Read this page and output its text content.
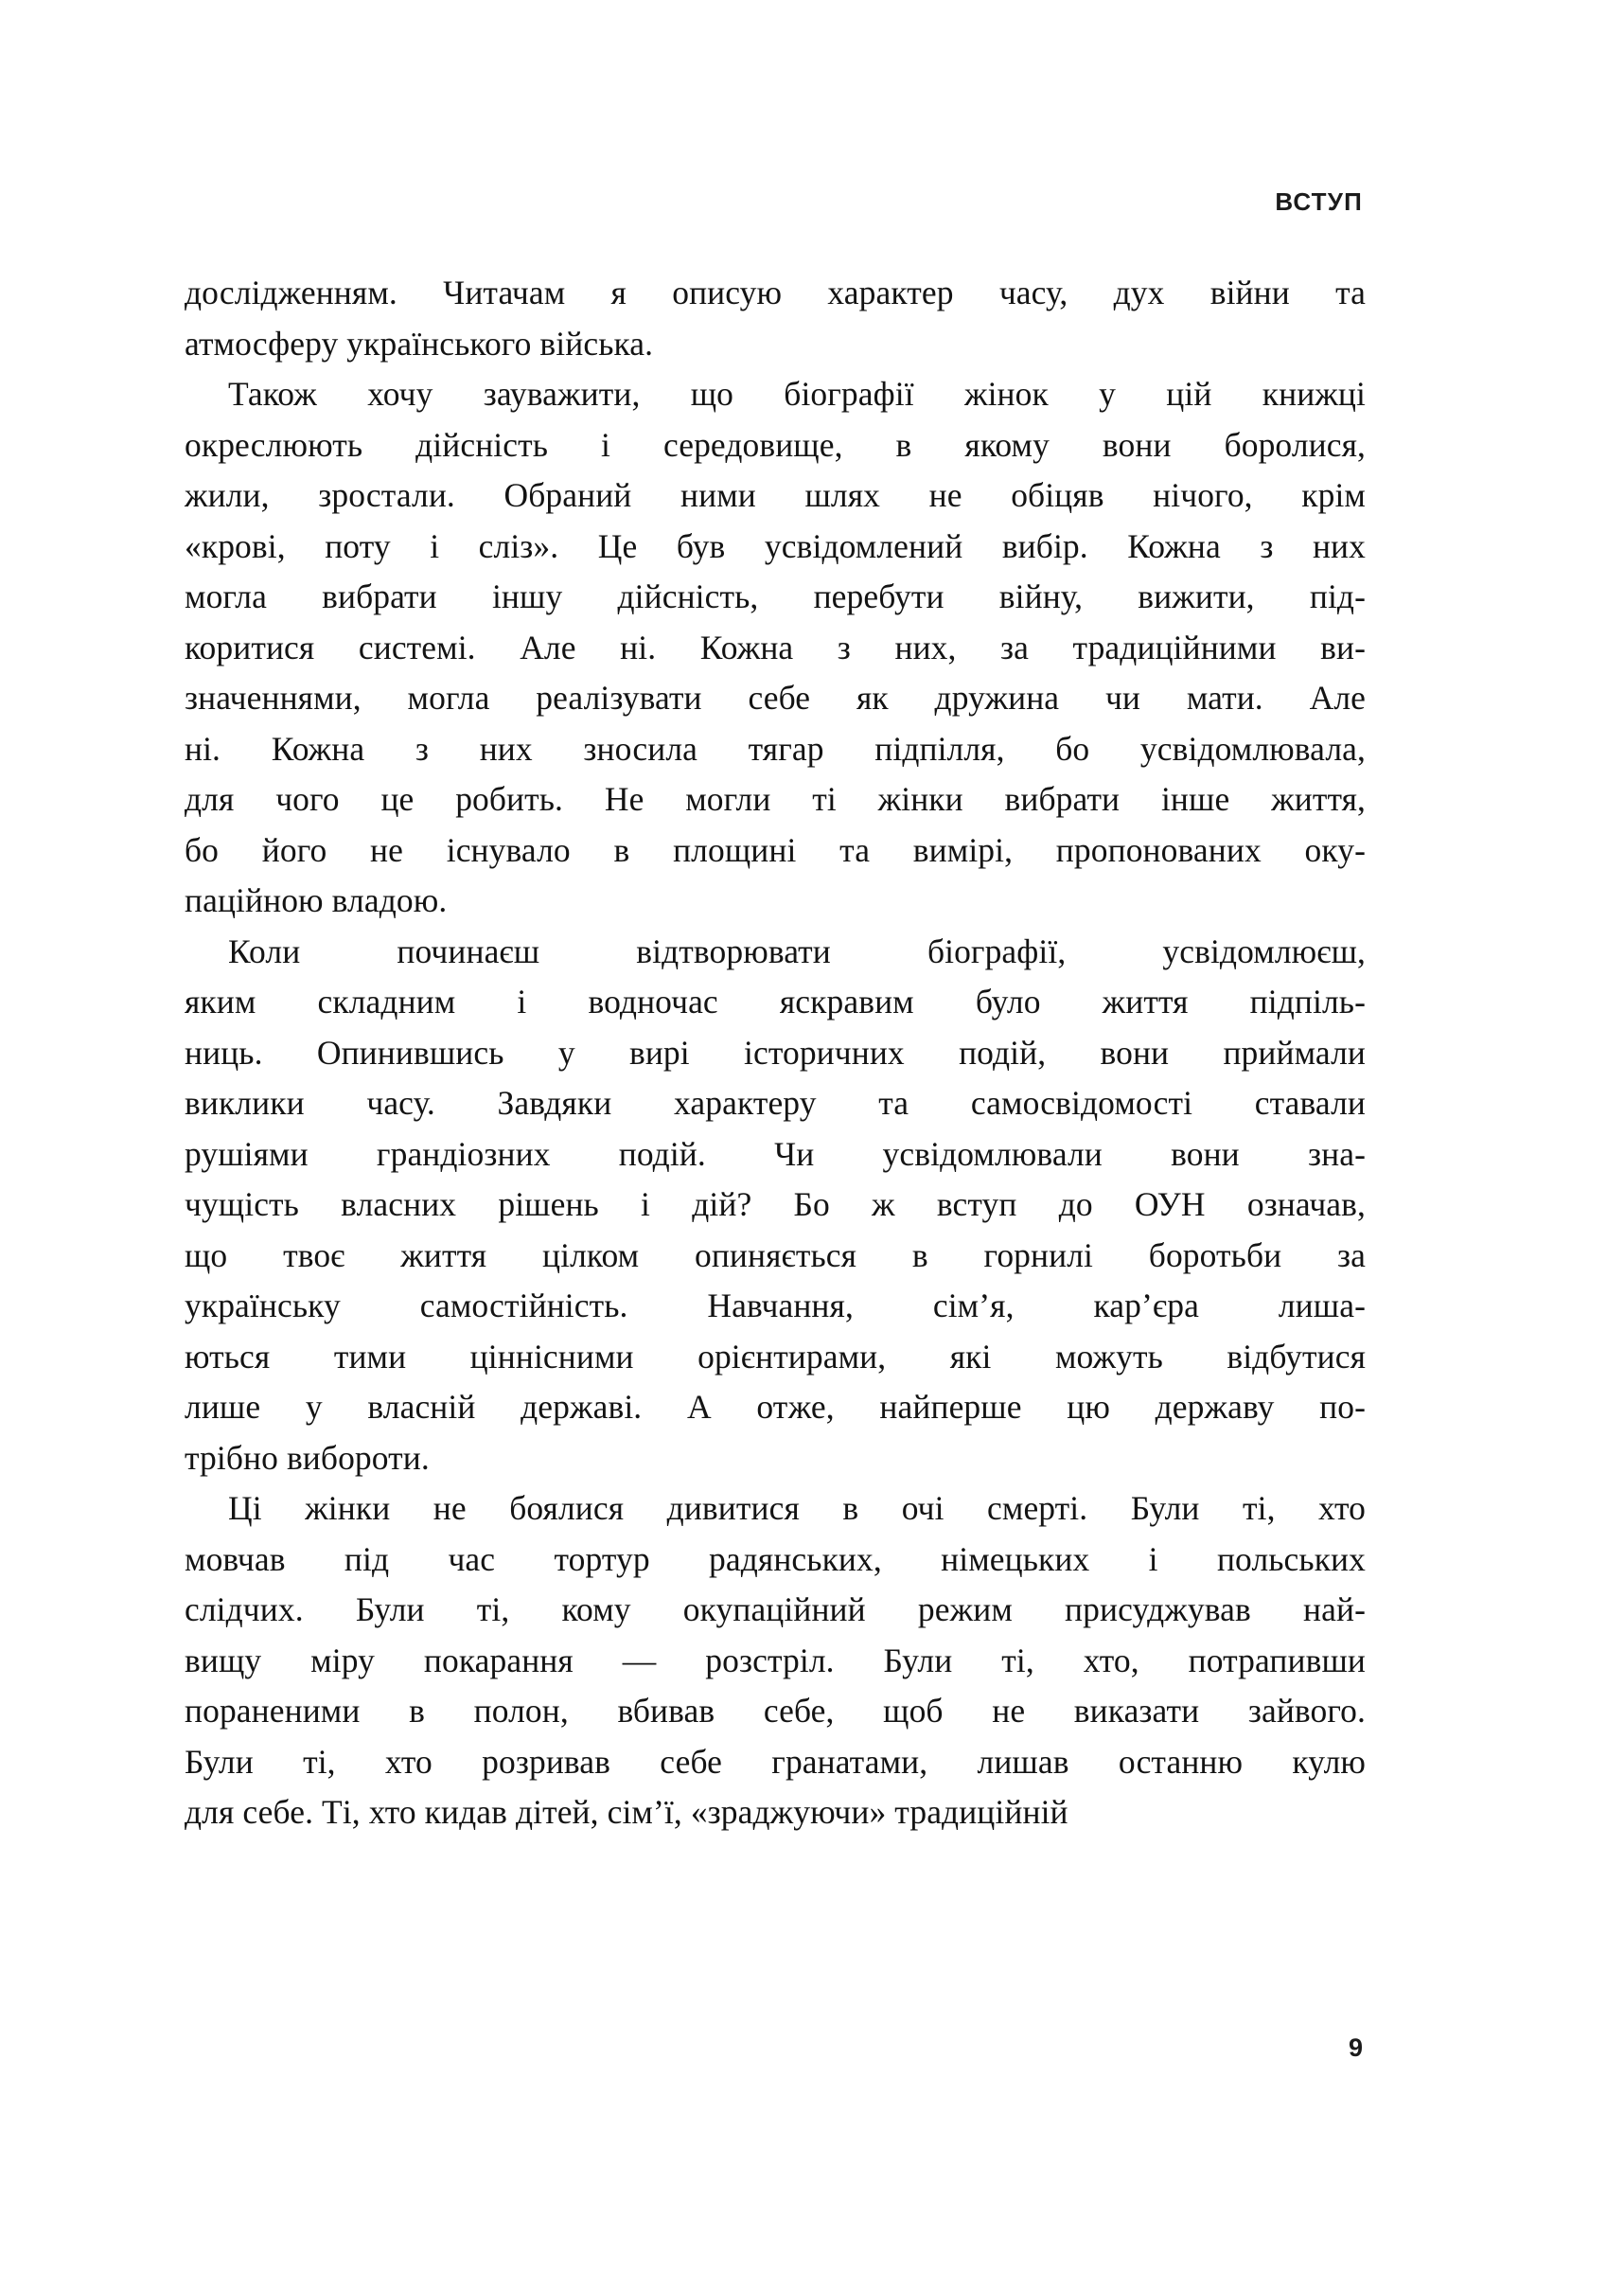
ВСТУП
дослідженням. Читачам я описую характер часу, дух війни та
атмосферу українського війська.
Також хочу зауважити, що біографії жінок у цій книжці
окреслюють дійсність і середовище, в якому вони боролися,
жили, зростали. Обраний ними шлях не обіцяв нічого, крім
«крові, поту і сліз». Це був усвідомлений вибір. Кожна з них
могла вибрати іншу дійсність, перебути війну, вижити, під-
коритися системі. Але ні. Кожна з них, за традиційними ви-
значеннями, могла реалізувати себе як дружина чи мати. Але
ні. Кожна з них зносила тягар підпілля, бо усвідомлювала,
для чого це робить. Не могли ті жінки вибрати інше життя,
бо його не існувало в площині та вимірі, пропонованих оку-
паційною владою.
Коли починаєш відтворювати біографії, усвідомлюєш,
яким складним і водночас яскравим було життя підпіль-
ниць. Опинившись у вирі історичних подій, вони приймали
виклики часу. Завдяки характеру та самосвідомості ставали
рушіями грандіозних подій. Чи усвідомлювали вони зна-
чущість власних рішень і дій? Бо ж вступ до ОУН означав,
що твоє життя цілком опиняється в горнилі боротьби за
українську самостійність. Навчання, сім’я, кар’єра лиша-
ються тими ціннісними орієнтирами, які можуть відбутися
лише у власній державі. А отже, найперше цю державу по-
трібно вибороти.
Ці жінки не боялися дивитися в очі смерті. Були ті, хто
мовчав під час тортур радянських, німецьких і польських
слідчих. Були ті, кому окупаційний режим присуджував най-
вищу міру покарання — розстріл. Були ті, хто, потрапивши
пораненими в полон, вбивав себе, щоб не виказати зайвого.
Були ті, хто розривав себе гранатами, лишав останню кулю
для себе. Ті, хто кидав дітей, сім’ї, «зраджуючи» традиційній
9
